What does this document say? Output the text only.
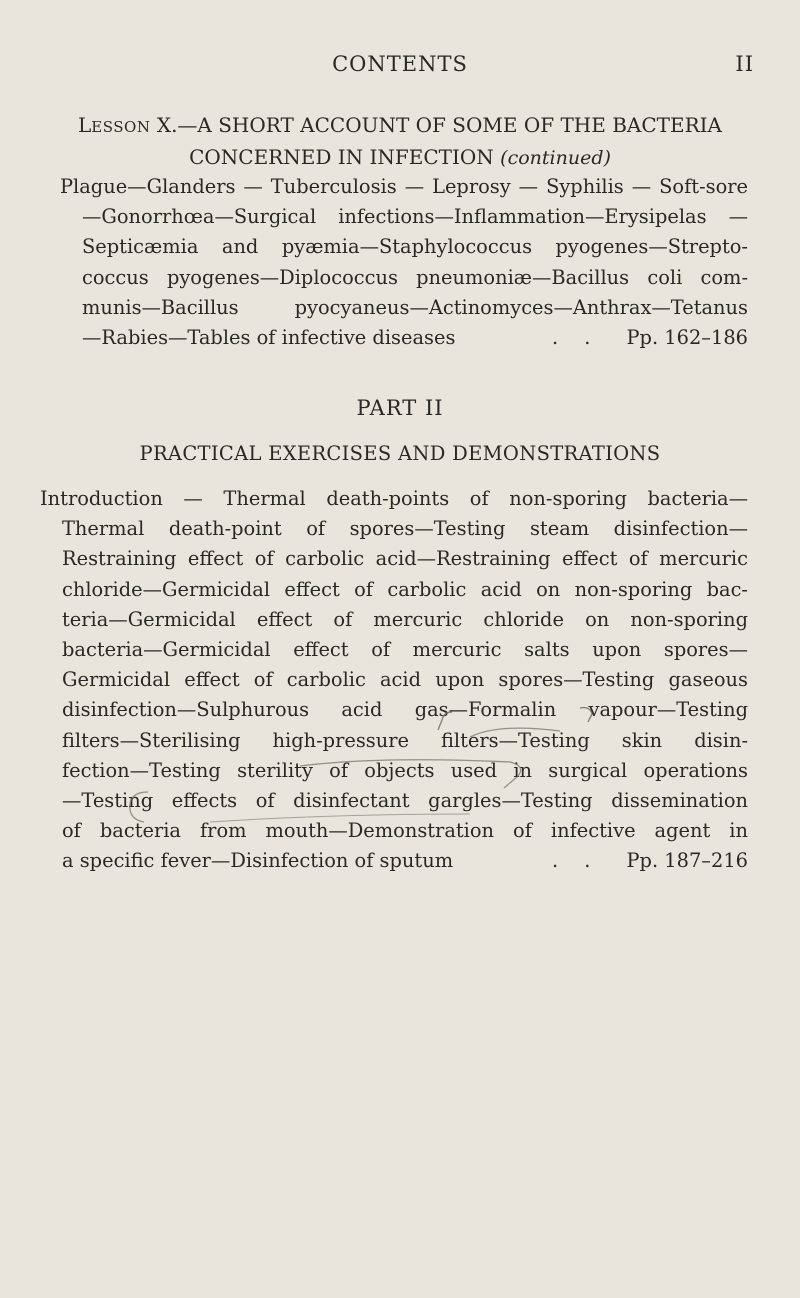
CONTENTS	II
LESSON X.—A SHORT ACCOUNT OF SOME OF THE BACTERIA
CONCERNED IN INFECTION (continued)
Plague—Glanders — Tuberculosis — Leprosy — Syphilis — Soft-sore
—Gonorrhœa—Surgical infections—Inflammation—Erysipelas —
Septicæmia and pyæmia—Staphylococcus pyogenes—Strepto-
coccus pyogenes—Diplococcus pneumoniæ—Bacillus coli com-
munis—Bacillus pyocyaneus—Actinomyces—Anthrax—Tetanus
—Rabies—Tables of infective diseases	. . Pp. 162–186
PART II
PRACTICAL EXERCISES AND DEMONSTRATIONS
Introduction — Thermal death-points of non-sporing bacteria—
Thermal death-point of spores—Testing steam disinfection—
Restraining effect of carbolic acid—Restraining effect of mercuric
chloride—Germicidal effect of carbolic acid on non-sporing bac-
teria—Germicidal effect of mercuric chloride on non-sporing
bacteria—Germicidal effect of mercuric salts upon spores—
Germicidal effect of carbolic acid upon spores—Testing gaseous
disinfection—Sulphurous acid gas—Formalin vapour—Testing
filters—Sterilising high-pressure filters—Testing skin disin-
fection—Testing sterility of objects used in surgical operations
—Testing effects of disinfectant gargles—Testing dissemination
of bacteria from mouth—Demonstration of infective agent in
a specific fever—Disinfection of sputum	. . Pp. 187–216
